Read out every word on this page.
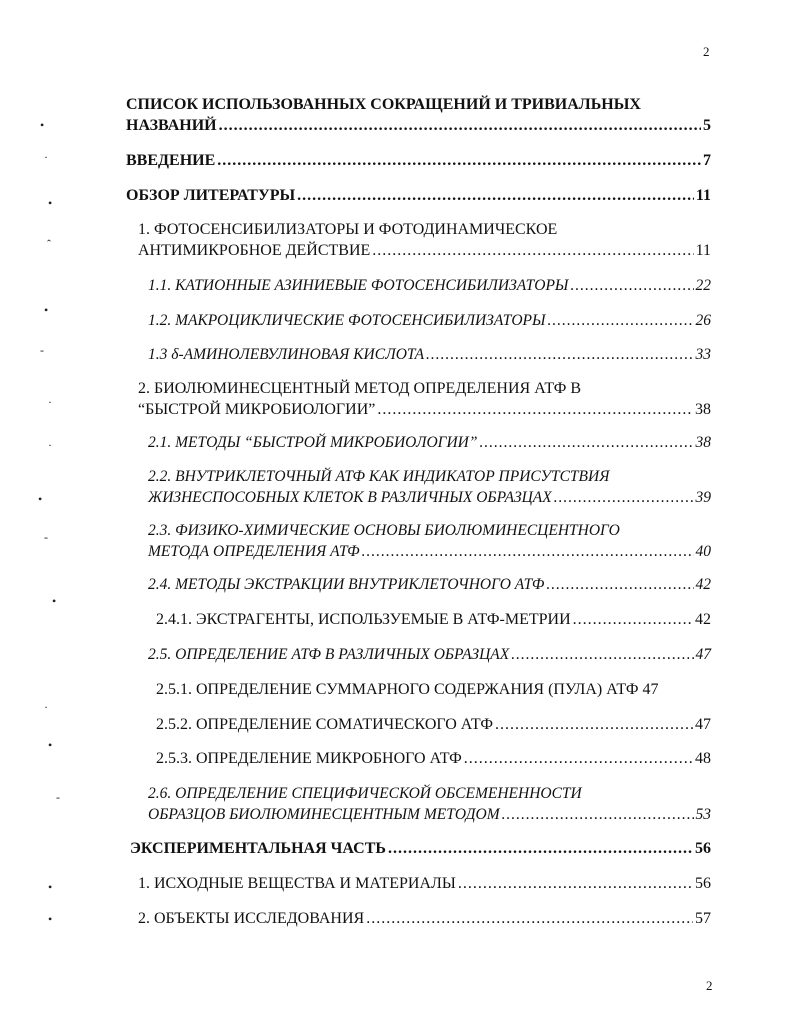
2
2
•
·
•
ˆ
•
-
·
·
•
-
•
·
•
-
•
•
СПИСОК ИСПОЛЬЗОВАННЫХ СОКРАЩЕНИЙ И ТРИВИАЛЬНЫХ
НАЗВАНИЙ .....	5
ВВЕДЕНИЕ .....	7
ОБЗОР ЛИТЕРАТУРЫ .....	11
1. ФОТОСЕНСИБИЛИЗАТОРЫ И ФОТОДИНАМИЧЕСКОЕ
АНТИМИКРОБНОЕ ДЕЙСТВИЕ .....	11
1.1. КАТИОННЫЕ АЗИНИЕВЫЕ ФОТОСЕНСИБИЛИЗАТОРЫ .....	22
1.2. МАКРОЦИКЛИЧЕСКИЕ ФОТОСЕНСИБИЛИЗАТОРЫ .....	26
1.3 δ-АМИНОЛЕВУЛИНОВАЯ КИСЛОТА .....	33
2. БИОЛЮМИНЕСЦЕНТНЫЙ МЕТОД ОПРЕДЕЛЕНИЯ АТФ В
“БЫСТРОЙ МИКРОБИОЛОГИИ” .....	38
2.1. МЕТОДЫ “БЫСТРОЙ МИКРОБИОЛОГИИ” .....	38
2.2. ВНУТРИКЛЕТОЧНЫЙ АТФ КАК ИНДИКАТОР ПРИСУТСТВИЯ
ЖИЗНЕСПОСОБНЫХ КЛЕТОК В РАЗЛИЧНЫХ ОБРАЗЦАХ .....	39
2.3. ФИЗИКО-ХИМИЧЕСКИЕ ОСНОВЫ БИОЛЮМИНЕСЦЕНТНОГО
МЕТОДА ОПРЕДЕЛЕНИЯ АТФ .....	40
2.4. МЕТОДЫ ЭКСТРАКЦИИ ВНУТРИКЛЕТОЧНОГО АТФ .....	42
2.4.1. ЭКСТРАГЕНТЫ, ИСПОЛЬЗУЕМЫЕ В АТФ-МЕТРИИ .....	42
2.5. ОПРЕДЕЛЕНИЕ АТФ В РАЗЛИЧНЫХ ОБРАЗЦАХ .....	47
2.5.1. ОПРЕДЕЛЕНИЕ СУММАРНОГО СОДЕРЖАНИЯ (ПУЛА) АТФ 47
2.5.2. ОПРЕДЕЛЕНИЕ СОМАТИЧЕСКОГО АТФ .....	47
2.5.3. ОПРЕДЕЛЕНИЕ МИКРОБНОГО АТФ .....	48
2.6. ОПРЕДЕЛЕНИЕ СПЕЦИФИЧЕСКОЙ ОБСЕМЕНЕННОСТИ
ОБРАЗЦОВ БИОЛЮМИНЕСЦЕНТНЫМ МЕТОДОМ .....	53
ЭКСПЕРИМЕНТАЛЬНАЯ ЧАСТЬ .....	56
1. ИСХОДНЫЕ ВЕЩЕСТВА И МАТЕРИАЛЫ .....	56
2. ОБЪЕКТЫ ИССЛЕДОВАНИЯ .....	57
